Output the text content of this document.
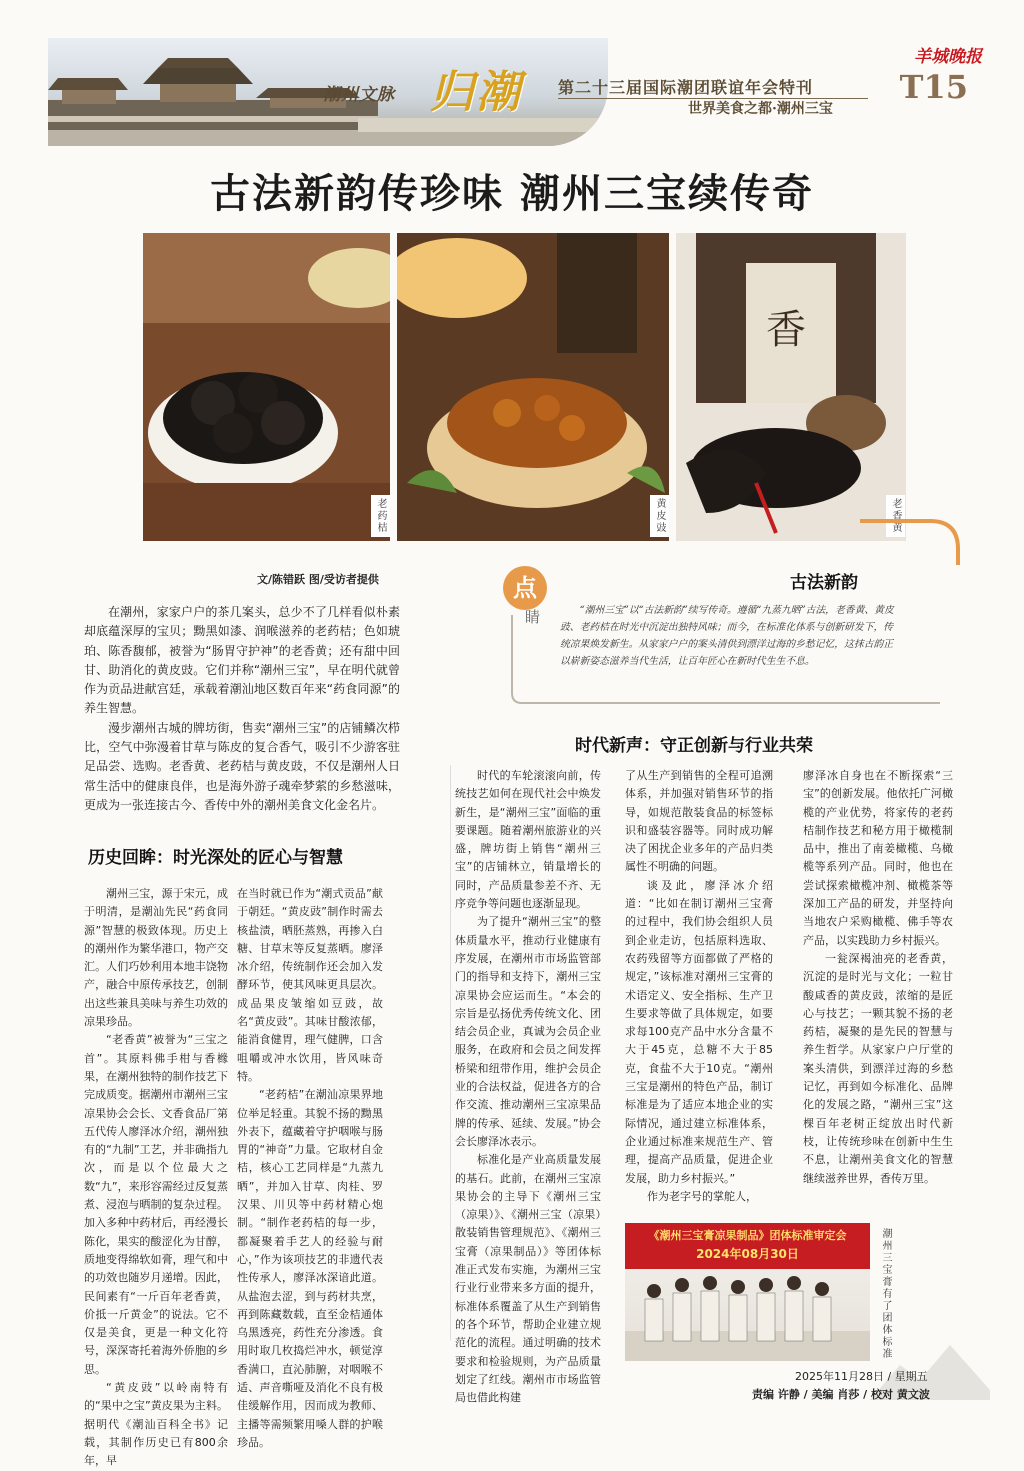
潮州文脉 归潮 第二十三届国际潮团联谊年会特刊
世界美食之都·潮州三宝
羊城晚报
T15
古法新韵传珍味 潮州三宝续传奇
老药桔	黄皮豉
香
老香黄
文/陈错跃 图/受访者提供	点
睛
古法新韵
“潮州三宝”以“古法新韵”续写传奇。遵循“九蒸九晒”古法，老香黄、黄皮豉、老药桔在时光中沉淀出独特风味；而今，在标准化体系与创新研发下，传统凉果焕发新生。从家家户户的案头清供到漂洋过海的乡愁记忆，这抹古韵正以崭新姿态滋养当代生活，让百年匠心在新时代生生不息。

在潮州，家家户户的茶几案头，总少不了几样看似朴素却底蕴深厚的宝贝；黝黑如漆、润喉滋养的老药桔；色如琥珀、陈香馥郁，被誉为“肠胃守护神”的老香黄；还有甜中回甘、助消化的黄皮豉。它们并称“潮州三宝”，早在明代就曾作为贡品进献宫廷，承载着潮汕地区数百年来“药食同源”的养生智慧。

漫步潮州古城的牌坊街，售卖“潮州三宝”的店铺鳞次栉比，空气中弥漫着甘草与陈皮的复合香气，吸引不少游客驻足品尝、选购。老香黄、老药桔与黄皮豉，不仅是潮州人日常生活中的健康良伴，也是海外游子魂牵梦萦的乡愁滋味，更成为一张连接古今、香传中外的潮州美食文化金名片。

历史回眸：时光深处的匠心与智慧

潮州三宝，源于宋元，成于明清，是潮汕先民“药食同源”智慧的极致体现。历史上的潮州作为繁华港口，物产交汇。人们巧妙利用本地丰饶物产，融合中原传承技艺，创制出这些兼具美味与养生功效的凉果珍品。

“老香黄”被誉为“三宝之首”。其原料佛手柑与香橼果，在潮州独特的制作技艺下完成质变。据潮州市潮州三宝凉果协会会长、文香食品厂第五代传人廖泽冰介绍，潮州独有的“九制”工艺，并非确指九次，而是以个位最大之数“九”，来形容需经过反复蒸煮、浸泡与晒制的复杂过程。加入多种中药材后，再经漫长陈化，果实的酸涩化为甘醇，质地变得绵软如膏，理气和中的功效也随岁月递增。因此，民间素有“一斤百年老香黄，价抵一斤黄金”的说法。它不仅是美食，更是一种文化符号，深深寄托着海外侨胞的乡思。

“黄皮豉”以岭南特有的“果中之宝”黄皮果为主料。据明代《潮汕百科全书》记载，其制作历史已有800余年，早

在当时就已作为“潮式贡品”献于朝廷。“黄皮豉”制作时需去核盐渍，晒胚蒸熟，再掺入白糖、甘草末等反复蒸晒。廖泽冰介绍，传统制作还会加入发酵环节，使其风味更具层次。成品果皮皱缩如豆豉，故名“黄皮豉”。其味甘酸浓郁，能消食健胃，理气健脾，口含咀嚼或冲水饮用，皆风味奇特。

“老药桔”在潮汕凉果界地位举足轻重。其貌不扬的黝黑外表下，蕴藏着守护咽喉与肠胃的“神奇”力量。它取材自金桔，核心工艺同样是“九蒸九晒”，并加入甘草、肉桂、罗汉果、川贝等中药材精心炮制。“制作老药桔的每一步，都凝聚着手艺人的经验与耐心，”作为该项技艺的非遗代表性传承人，廖泽冰深谙此道。从盐泡去涩，到与药材共烹，再到陈藏数载，直至金桔通体乌黑透亮，药性充分渗透。食用时取几枚捣烂冲水，顿觉淳香满口，直沁肺腑，对咽喉不适、声音嘶哑及消化不良有极佳缓解作用，因而成为教师、主播等需频繁用嗓人群的护喉珍品。

时代新声：守正创新与行业共荣

时代的车轮滚滚向前，传统技艺如何在现代社会中焕发新生，是“潮州三宝”面临的重要课题。随着潮州旅游业的兴盛，牌坊街上销售“潮州三宝”的店铺林立，销量增长的同时，产品质量参差不齐、无序竞争等问题也逐渐显现。

为了提升“潮州三宝”的整体质量水平，推动行业健康有序发展，在潮州市市场监管部门的指导和支持下，潮州三宝凉果协会应运而生。“本会的宗旨是弘扬优秀传统文化、团结会员企业，真诚为会员企业服务，在政府和会员之间发挥桥梁和纽带作用，维护会员企业的合法权益，促进各方的合作交流、推动潮州三宝凉果品牌的传承、延续、发展。”协会会长廖泽冰表示。

标准化是产业高质量发展的基石。此前，在潮州三宝凉果协会的主导下《潮州三宝（凉果）》、《潮州三宝（凉果）散装销售管理规范》、《潮州三宝膏（凉果制品）》等团体标准正式发布实施，为潮州三宝行业行业带来多方面的提升，标准体系覆盖了从生产到销售的各个环节，帮助企业建立规范化的流程。通过明确的技术要求和检验规则，为产品质量划定了红线。潮州市市场监管局也借此构建

了从生产到销售的全程可追溯体系，并加强对销售环节的指导，如规范散装食品的标签标识和盛装容器等。同时成功解决了困扰企业多年的产品归类属性不明确的问题。

谈及此，廖泽冰介绍道：“比如在制订潮州三宝膏的过程中，我们协会组织人员到企业走访，包括原料选取、农药残留等方面都做了严格的规定，”该标准对潮州三宝膏的术语定义、安全指标、生产卫生要求等做了具体规定，如要求每100克产品中水分含量不大于45克，总糖不大于85克，食盐不大于10克。“潮州三宝是潮州的特色产品，制订标准是为了适应本地企业的实际情况，通过建立标准体系，企业通过标准来规范生产、管理，提高产品质量，促进企业发展，助力乡村振兴。”

作为老字号的掌舵人，

廖泽冰自身也在不断探索“三宝”的创新发展。他依托广河橄榄的产业优势，将家传的老药桔制作技艺和秘方用于橄榄制品中，推出了南姜橄榄、乌橄榄等系列产品。同时，他也在尝试探索橄榄冲剂、橄榄茶等深加工产品的研发，并坚持向当地农户采购橄榄、佛手等农产品，以实践助力乡村振兴。

一瓮深褐油亮的老香黄，沉淀的是时光与文化；一粒甘酸咸香的黄皮豉，浓缩的是匠心与技艺；一颗其貌不扬的老药桔，凝聚的是先民的智慧与养生哲学。从家家户户厅堂的案头清供，到漂洋过海的乡愁记忆，再到如今标准化、品牌化的发展之路，“潮州三宝”这棵百年老树正绽放出时代新枝，让传统珍味在创新中生生不息，让潮州美食文化的智慧继续滋养世界，香传万里。

《潮州三宝膏凉果制品》团体标准审定会
2024年08月30日	潮州三宝膏有了团体标准
2025年11月28日 / 星期五
责编 许静 / 美编 肖莎 / 校对 黄文波
